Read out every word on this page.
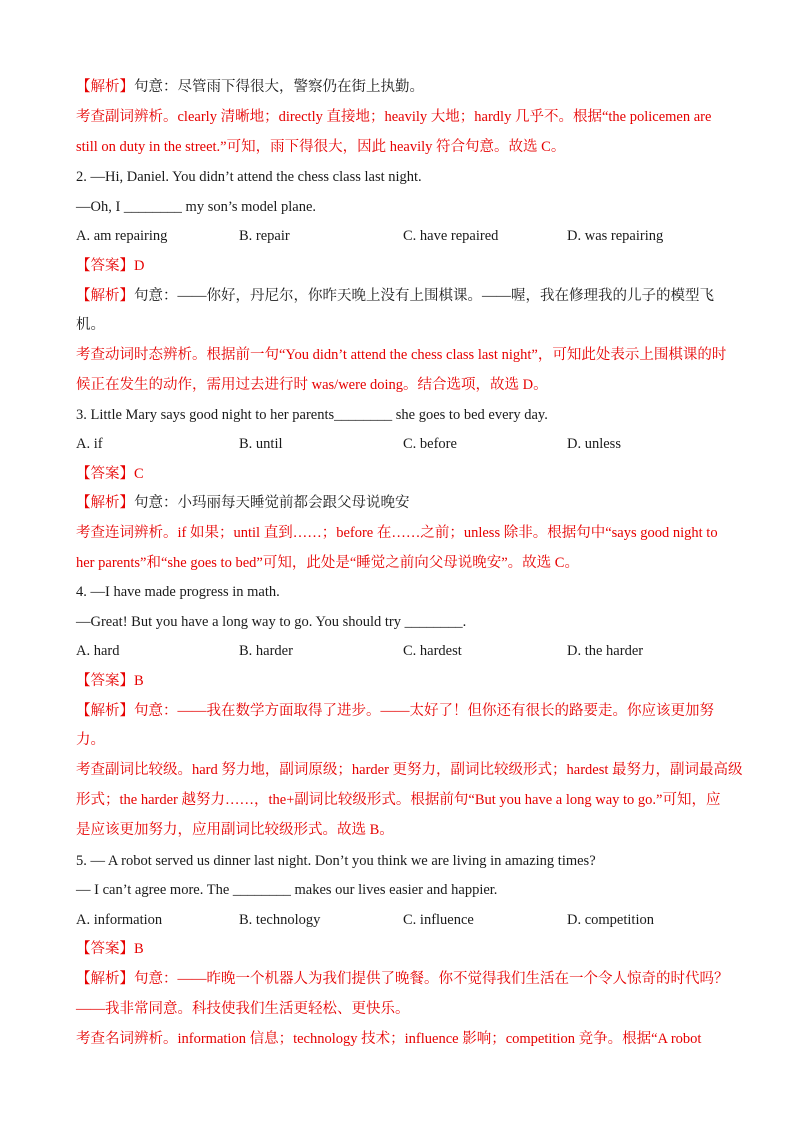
【解析】句意：尽管雨下得很大，警察仍在街上执勤。
考查副词辨析。clearly 清晰地；directly 直接地；heavily 大地；hardly 几乎不。根据“the policemen are
still on duty in the street.”可知，雨下得很大，因此 heavily 符合句意。故选 C。
2. —Hi, Daniel. You didn’t attend the chess class last night.
—Oh, I ________ my son’s model plane.
A. am repairing	B. repair	C. have repaired	D. was repairing
【答案】D
【解析】句意：——你好，丹尼尔，你昨天晚上没有上围棋课。——喔，我在修理我的儿子的模型飞
机。
考查动词时态辨析。根据前一句“You didn’t attend the chess class last night”，可知此处表示上围棋课的时
候正在发生的动作，需用过去进行时 was/were doing。结合选项，故选 D。
3. Little Mary says good night to her parents________ she goes to bed every day.
A. if	B. until	C. before	D. unless
【答案】C
【解析】句意：小玛丽每天睡觉前都会跟父母说晚安
考查连词辨析。if 如果；until 直到……；before 在……之前；unless 除非。根据句中“says good night to
her parents”和“she goes to bed”可知，此处是“睡觉之前向父母说晚安”。故选 C。
4. —I have made progress in math.
—Great! But you have a long way to go. You should try ________.
A. hard	B. harder	C. hardest	D. the harder
【答案】B
【解析】句意：——我在数学方面取得了进步。——太好了！但你还有很长的路要走。你应该更加努
力。
考查副词比较级。hard 努力地，副词原级；harder 更努力，副词比较级形式；hardest 最努力，副词最高级
形式；the harder 越努力……，the+副词比较级形式。根据前句“But you have a long way to go.”可知，应
是应该更加努力，应用副词比较级形式。故选 B。
5. — A robot served us dinner last night. Don’t you think we are living in amazing times?
— I can’t agree more. The ________ makes our lives easier and happier.
A. information	B. technology	C. influence	D. competition
【答案】B
【解析】句意：——昨晚一个机器人为我们提供了晚餐。你不觉得我们生活在一个令人惊奇的时代吗？
——我非常同意。科技使我们生活更轻松、更快乐。
考查名词辨析。information 信息；technology 技术；influence 影响；competition 竞争。根据“A robot
